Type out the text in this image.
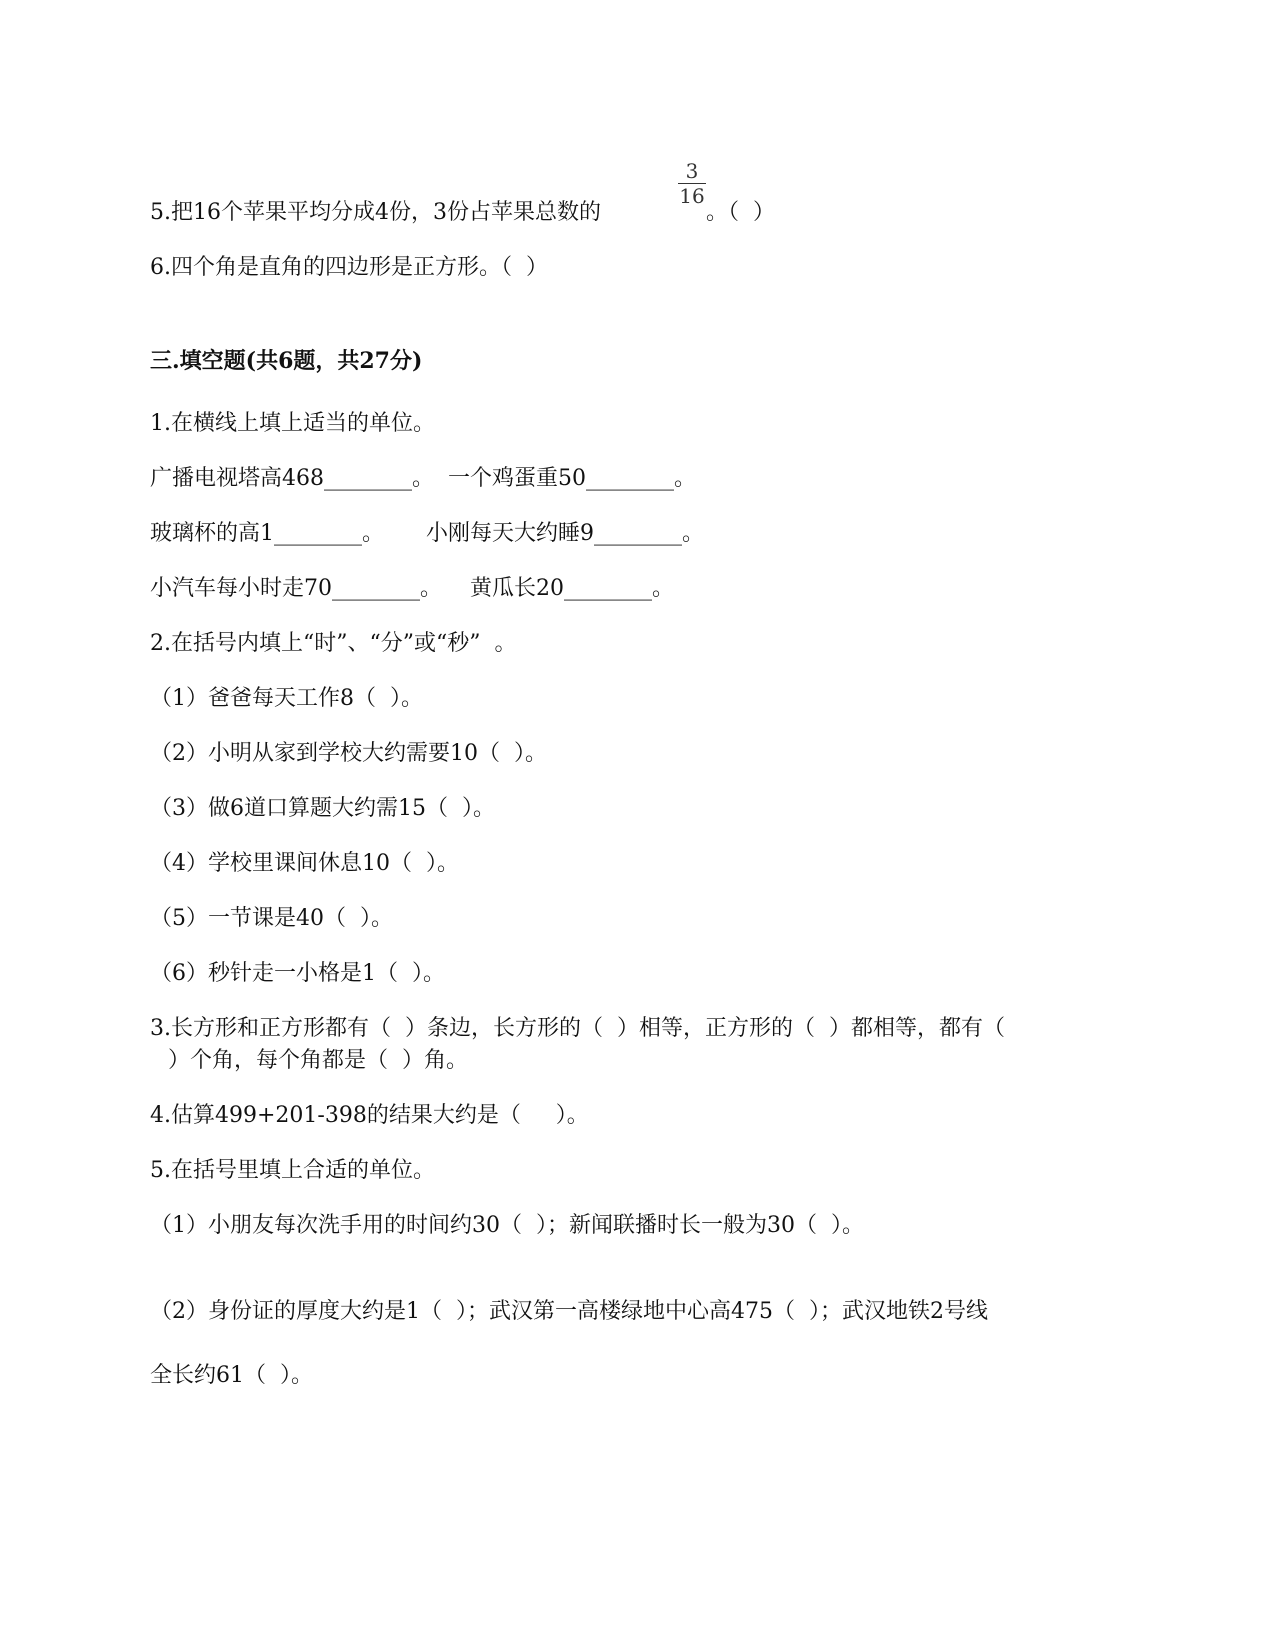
5.把16个苹果平均分成4份，3份占苹果总数的	。（  ）
3
16
6.四个角是直角的四边形是正方形。（  ）
三.填空题(共6题，共27分)
1.在横线上填上适当的单位。
广播电视塔高468________。  一个鸡蛋重50________。
玻璃杯的高1________。      小刚每天大约睡9________。
小汽车每小时走70________。    黄瓜长20________。
2.在括号内填上“时”、“分”或“秒”  。
（1）爸爸每天工作8（  ）。
（2）小明从家到学校大约需要10（  ）。
（3）做6道口算题大约需15（  ）。
（4）学校里课间休息10（  ）。
（5）一节课是40（  ）。
（6）秒针走一小格是1（  ）。
3.长方形和正方形都有（  ）条边，长方形的（  ）相等，正方形的（  ）都相等，都有（
）个角，每个角都是（  ）角。
4.估算499+201-398的结果大约是（     ）。
5.在括号里填上合适的单位。
（1）小朋友每次洗手用的时间约30（  ）；新闻联播时长一般为30（  ）。
（2）身份证的厚度大约是1（  ）；武汉第一高楼绿地中心高475（  ）；武汉地铁2号线
全长约61（  ）。
